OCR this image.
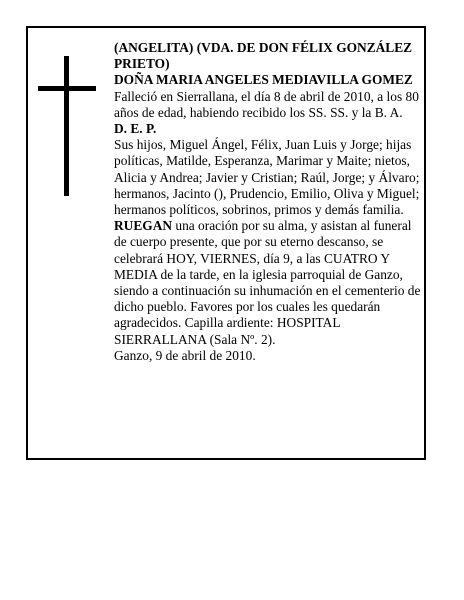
(ANGELITA) (VDA. DE DON FÉLIX GONZÁLEZ PRIETO)

DOÑA MARIA ANGELES MEDIAVILLA GOMEZ

Falleció en Sierrallana, el día 8 de abril de 2010, a los 80 años de edad, habiendo recibido los SS. SS. y la B. A.

D. E. P.

Sus hijos, Miguel Ángel, Félix, Juan Luis y Jorge; hijas políticas, Matilde, Esperanza, Marimar y Maite; nietos, Alicia y Andrea; Javier y Cristian; Raúl, Jorge; y Álvaro; hermanos, Jacinto (), Prudencio, Emilio, Oliva y Miguel; hermanos políticos, sobrinos, primos y demás familia.

RUEGAN una oración por su alma, y asistan al funeral de cuerpo presente, que por su eterno descanso, se celebrará HOY, VIERNES, día 9, a las CUATRO Y MEDIA de la tarde, en la iglesia parroquial de Ganzo, siendo a continuación su inhumación en el cementerio de dicho pueblo. Favores por los cuales les quedarán agradecidos. Capilla ardiente: HOSPITAL SIERRALLANA (Sala Nº. 2).

Ganzo, 9 de abril de 2010.
